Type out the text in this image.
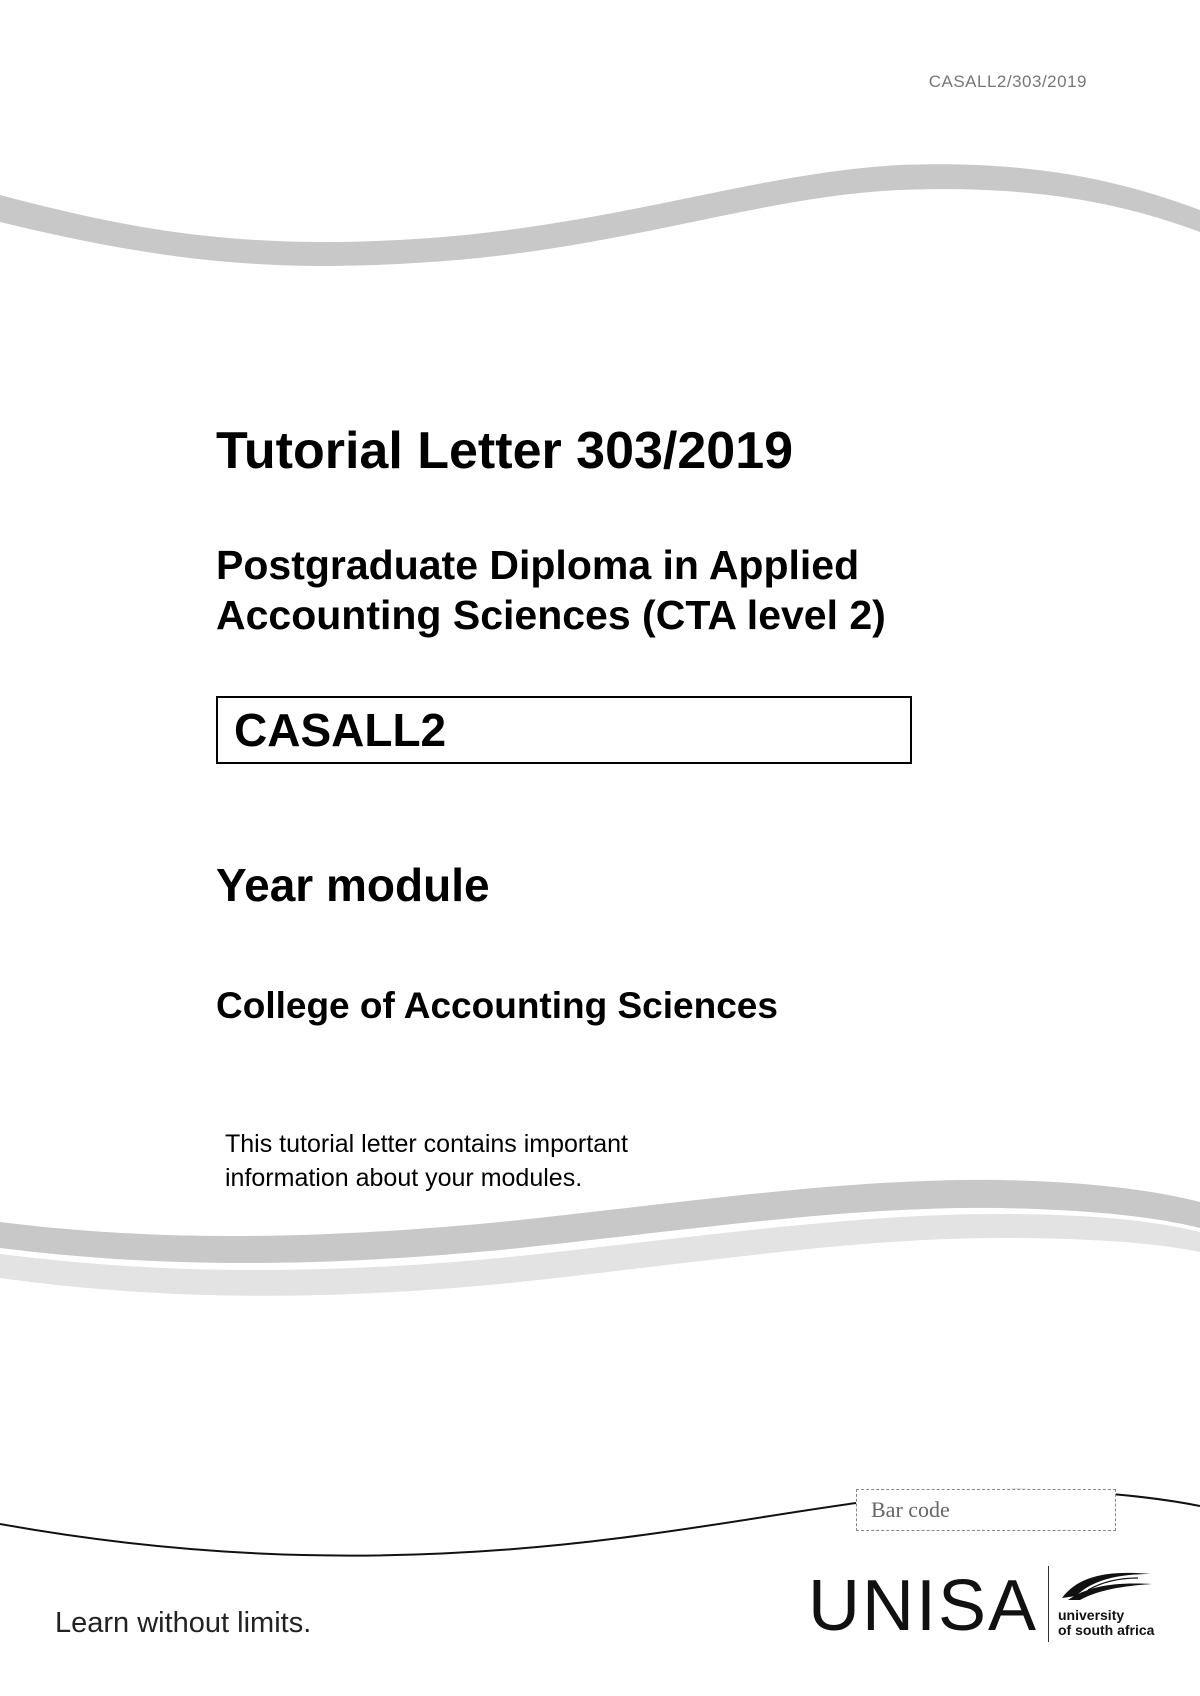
CASALL2/303/2019
Tutorial Letter 303/2019
Postgraduate Diploma in Applied
Accounting Sciences (CTA level 2)
CASALL2
Year module
College of Accounting Sciences

This tutorial letter contains important
information about your modules.

Bar code
Learn without limits.	UNISA university
of south africa
